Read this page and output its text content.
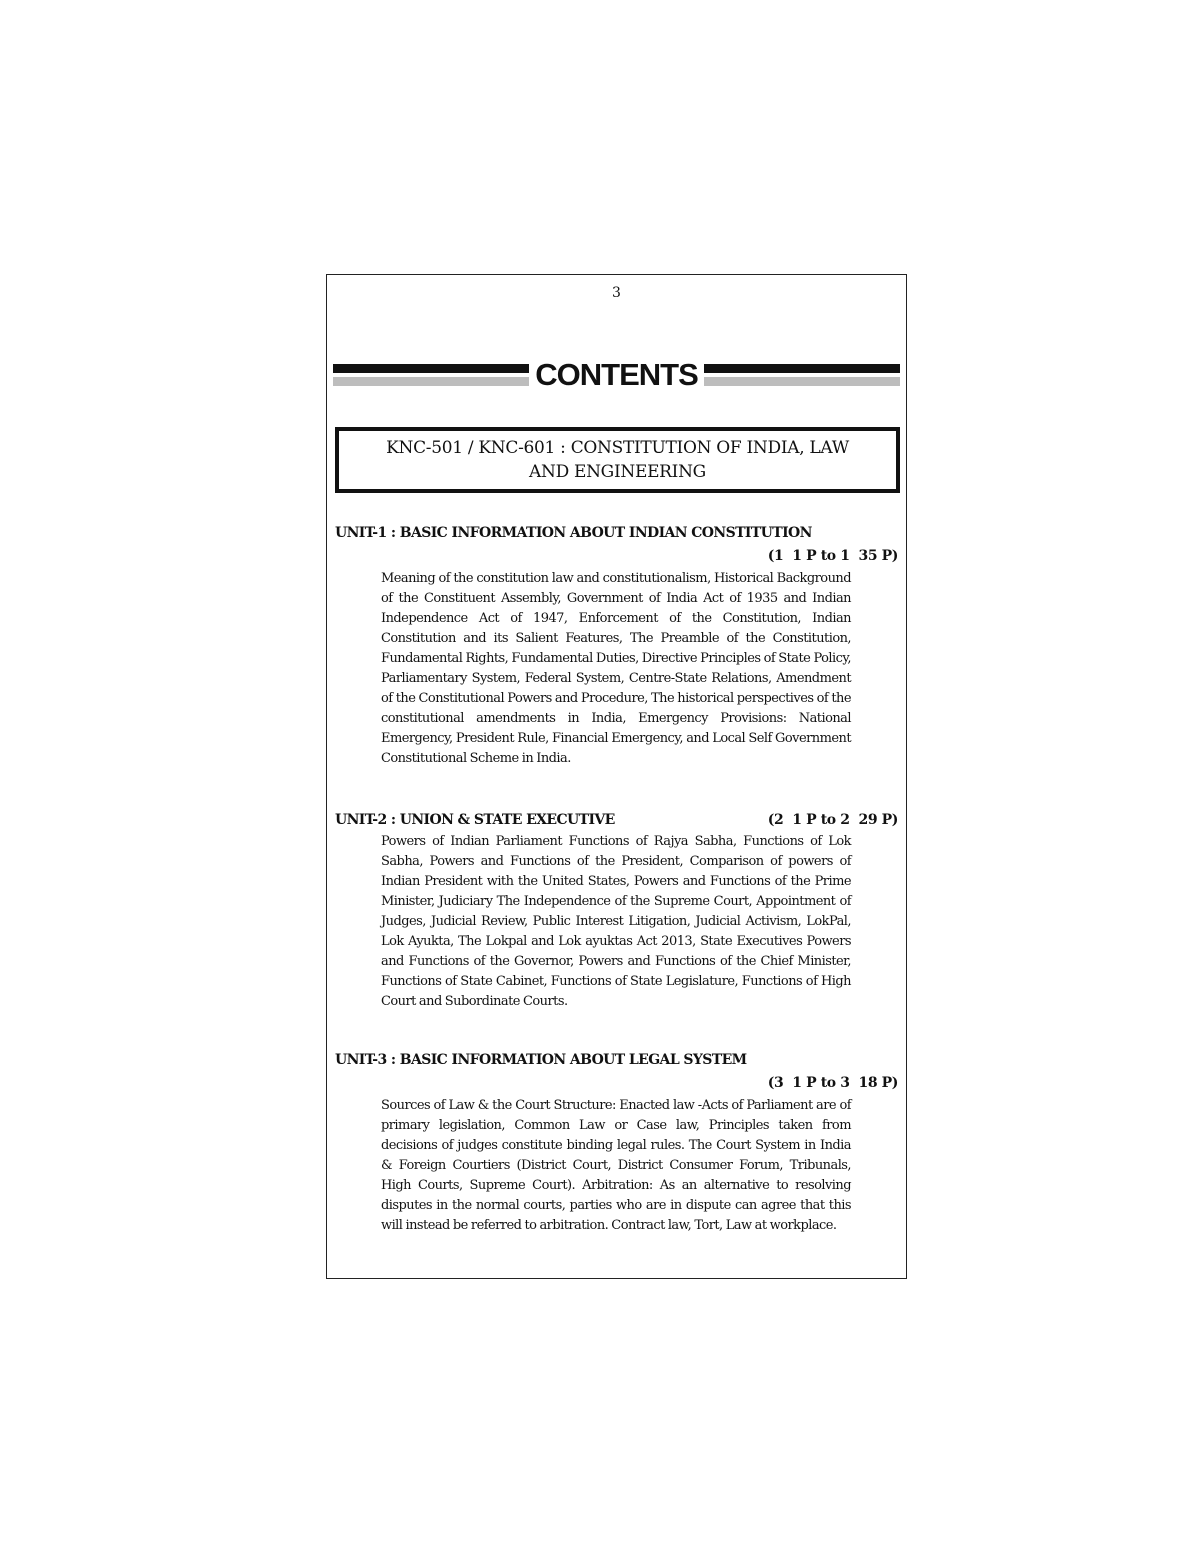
3
CONTENTS
KNC-501 / KNC-601 : CONSTITUTION OF INDIA, LAW
AND ENGINEERING
UNIT-1 : BASIC INFORMATION ABOUT INDIAN CONSTITUTION
(1  1 P to 1  35 P)
Meaning of the constitution law and constitutionalism, Historical Background of the Constituent Assembly, Government of India Act of 1935 and Indian Independence Act of 1947, Enforcement of the Constitution, Indian Constitution and its Salient Features, The Preamble of the Constitution, Fundamental Rights, Fundamental Duties, Directive Principles of State Policy, Parliamentary System, Federal System, Centre-State Relations, Amendment of the Constitutional Powers and Procedure, The historical perspectives of the constitutional amendments in India, Emergency Provisions: National Emergency, President Rule, Financial Emergency, and Local Self Government Constitutional Scheme in India.
UNIT-2 : UNION & STATE EXECUTIVE	(2  1 P to 2  29 P)
Powers of Indian Parliament Functions of Rajya Sabha, Functions of Lok Sabha, Powers and Functions of the President, Comparison of powers of Indian President with the United States, Powers and Functions of the Prime Minister, Judiciary The Independence of the Supreme Court, Appointment of Judges, Judicial Review, Public Interest Litigation, Judicial Activism, LokPal, Lok Ayukta, The Lokpal and Lok ayuktas Act 2013, State Executives Powers and Functions of the Governor, Powers and Functions of the Chief Minister, Functions of State Cabinet, Functions of State Legislature, Functions of High Court and Subordinate Courts.
UNIT-3 : BASIC INFORMATION ABOUT LEGAL SYSTEM
(3  1 P to 3  18 P)
Sources of Law & the Court Structure: Enacted law -Acts of Parliament are of primary legislation, Common Law or Case law, Principles taken from decisions of judges constitute binding legal rules. The Court System in India & Foreign Courtiers (District Court, District Consumer Forum, Tribunals, High Courts, Supreme Court). Arbitration: As an alternative to resolving disputes in the normal courts, parties who are in dispute can agree that this will instead be referred to arbitration. Contract law, Tort, Law at workplace.
